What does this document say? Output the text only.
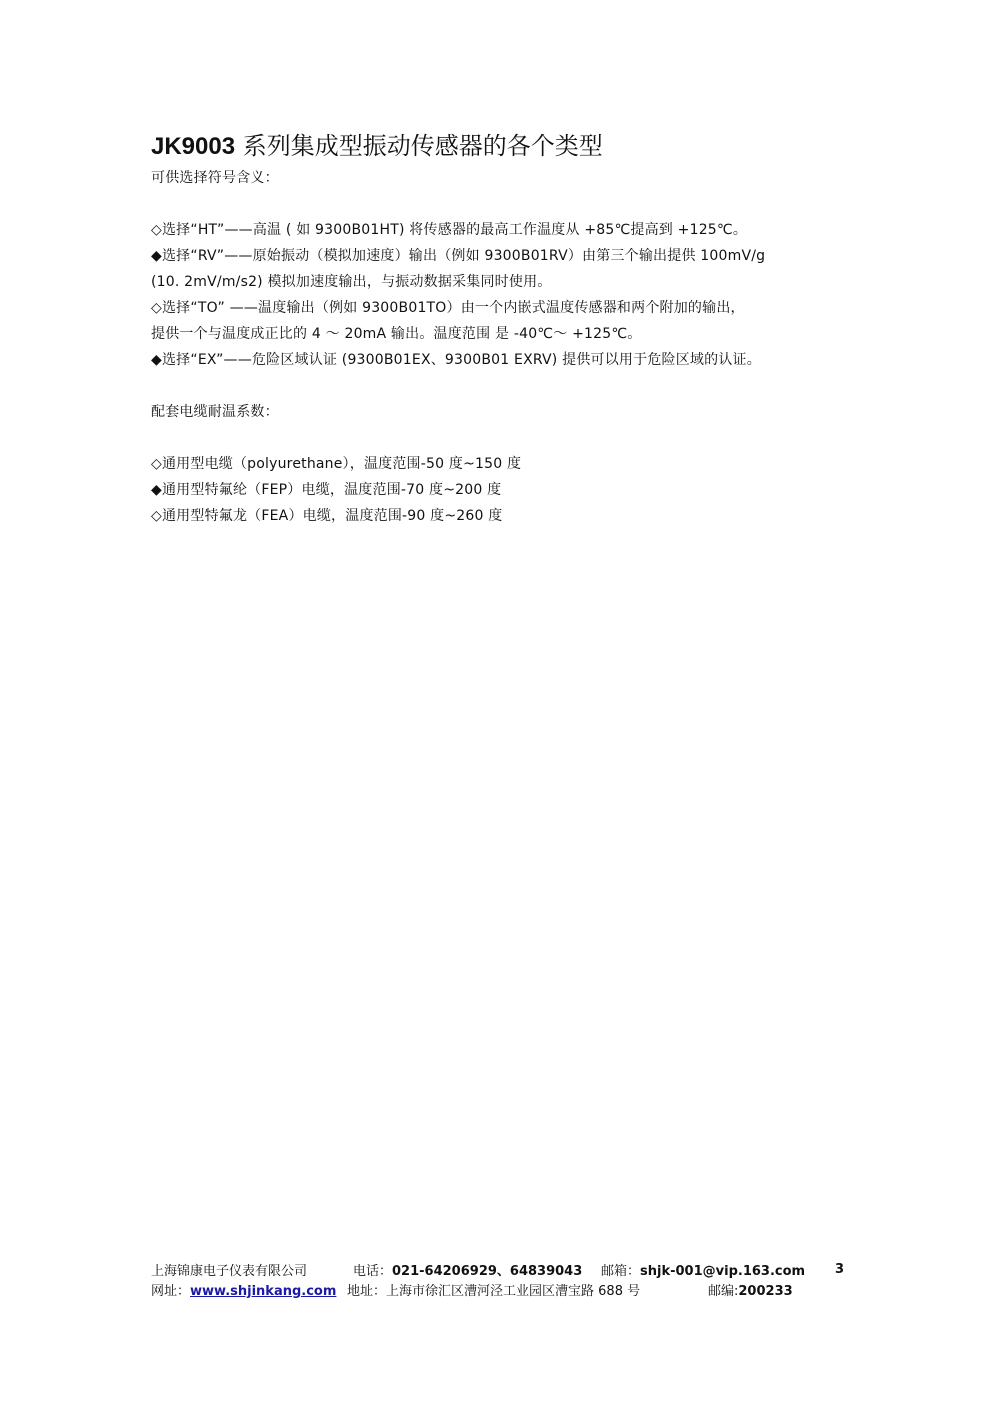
JK9003 系列集成型振动传感器的各个类型
可供选择符号含义：
◇选择“HT”——高温 ( 如 9300B01HT) 将传感器的最高工作温度从 +85℃提高到 +125℃。
◆选择“RV”——原始振动（模拟加速度）输出（例如 9300B01RV）由第三个输出提供 100mV/g
(10. 2mV/m/s2) 模拟加速度输出，与振动数据采集同时使用。
◇选择“TO” ——温度输出（例如 9300B01TO）由一个内嵌式温度传感器和两个附加的输出，
提供一个与温度成正比的 4 ～ 20mA 输出。温度范围 是 -40℃～ +125℃。
◆选择“EX”——危险区域认证 (9300B01EX、9300B01 EXRV) 提供可以用于危险区域的认证。
配套电缆耐温系数：
◇通用型电缆（polyurethane），温度范围-50 度~150 度
◆通用型特氟纶（FEP）电缆，温度范围-70 度~200 度
◇通用型特氟龙（FEA）电缆，温度范围-90 度~260 度
上海锦康电子仪表有限公司	电话：021-64206929、64839043 邮箱：shjk-001@vip.163.com
网址：www.shjinkang.com 地址：上海市徐汇区漕河泾工业园区漕宝路 688 号	邮编:200233
3
